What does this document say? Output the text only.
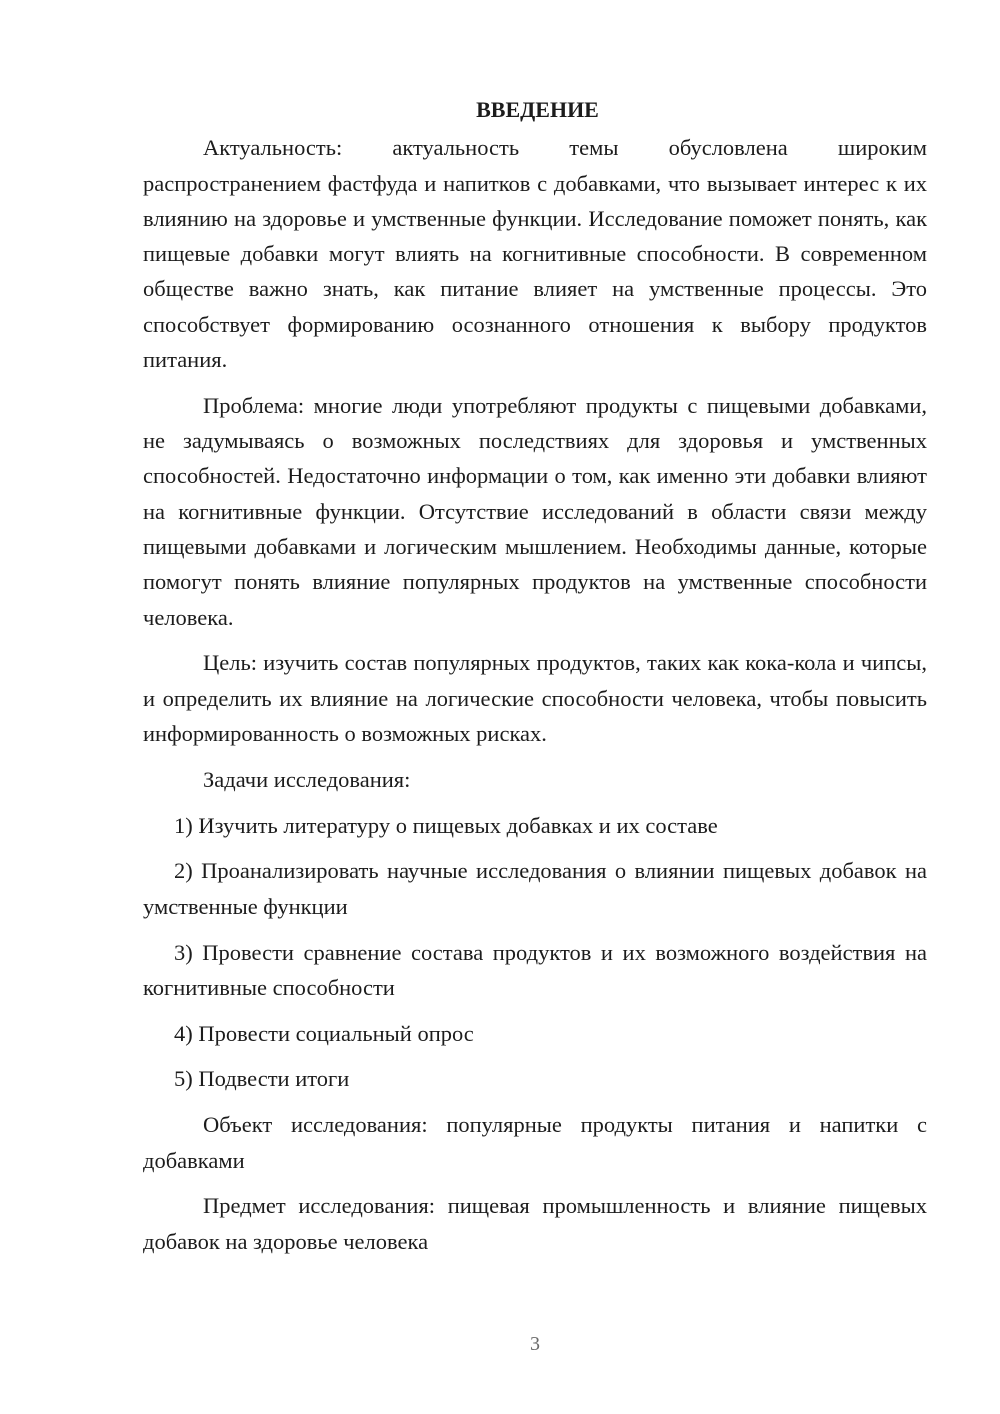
ВВЕДЕНИЕ

Актуальность: актуальность темы обусловлена широким распространением фастфуда и напитков с добавками, что вызывает интерес к их влиянию на здоровье и умственные функции. Исследование поможет понять, как пищевые добавки могут влиять на когнитивные способности. В современном обществе важно знать, как питание влияет на умственные процессы. Это способствует формированию осознанного отношения к выбору продуктов питания.

Проблема: многие люди употребляют продукты с пищевыми добавками, не задумываясь о возможных последствиях для здоровья и умственных способностей. Недостаточно информации о том, как именно эти добавки влияют на когнитивные функции. Отсутствие исследований в области связи между пищевыми добавками и логическим мышлением. Необходимы данные, которые помогут понять влияние популярных продуктов на умственные способности человека.

Цель: изучить состав популярных продуктов, таких как кока-кола и чипсы, и определить их влияние на логические способности человека, чтобы повысить информированность о возможных рисках.

Задачи исследования:

1) Изучить литературу о пищевых добавках и их составе

2) Проанализировать научные исследования о влиянии пищевых добавок на умственные функции

3) Провести сравнение состава продуктов и их возможного воздействия на когнитивные способности

4) Провести социальный опрос

5) Подвести итоги

Объект исследования: популярные продукты питания и напитки с добавками

Предмет исследования: пищевая промышленность и влияние пищевых добавок на здоровье человека

3
